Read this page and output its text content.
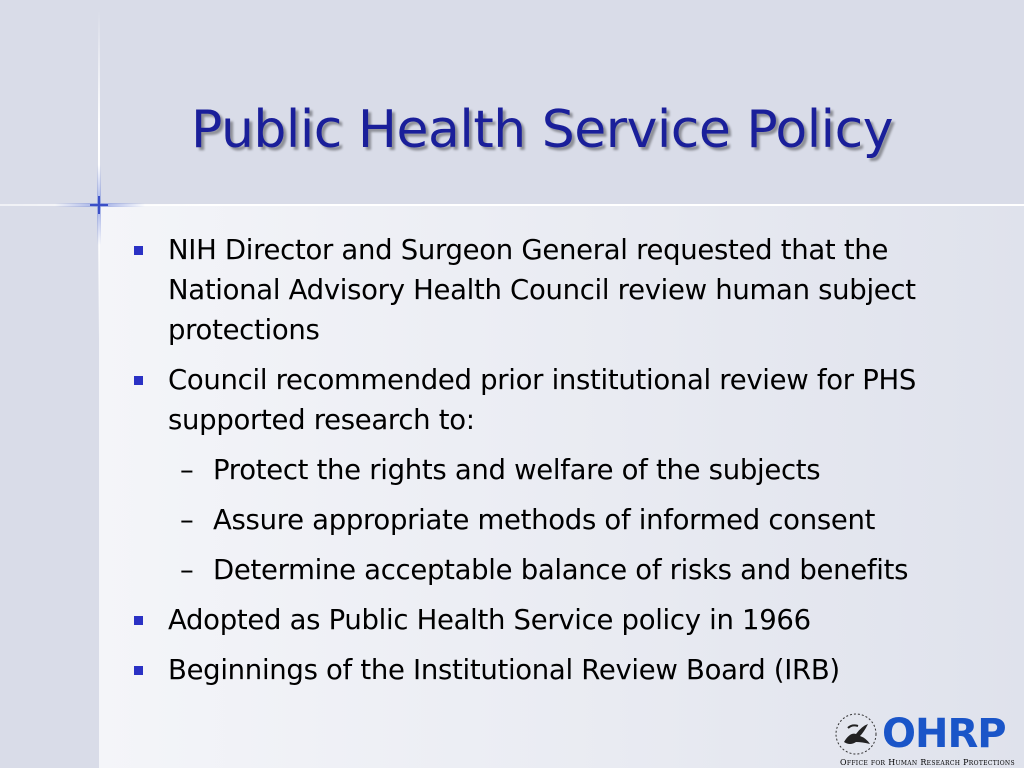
Public Health Service Policy
NIH Director and Surgeon General requested that the National Advisory Health Council review human subject protections
Council recommended prior institutional review for PHS supported research to:
– Protect the rights and welfare of the subjects
– Assure appropriate methods of informed consent
– Determine acceptable balance of risks and benefits
Adopted as Public Health Service policy in 1966
Beginnings of the Institutional Review Board (IRB)
OHRP
Office for Human Research Protections
